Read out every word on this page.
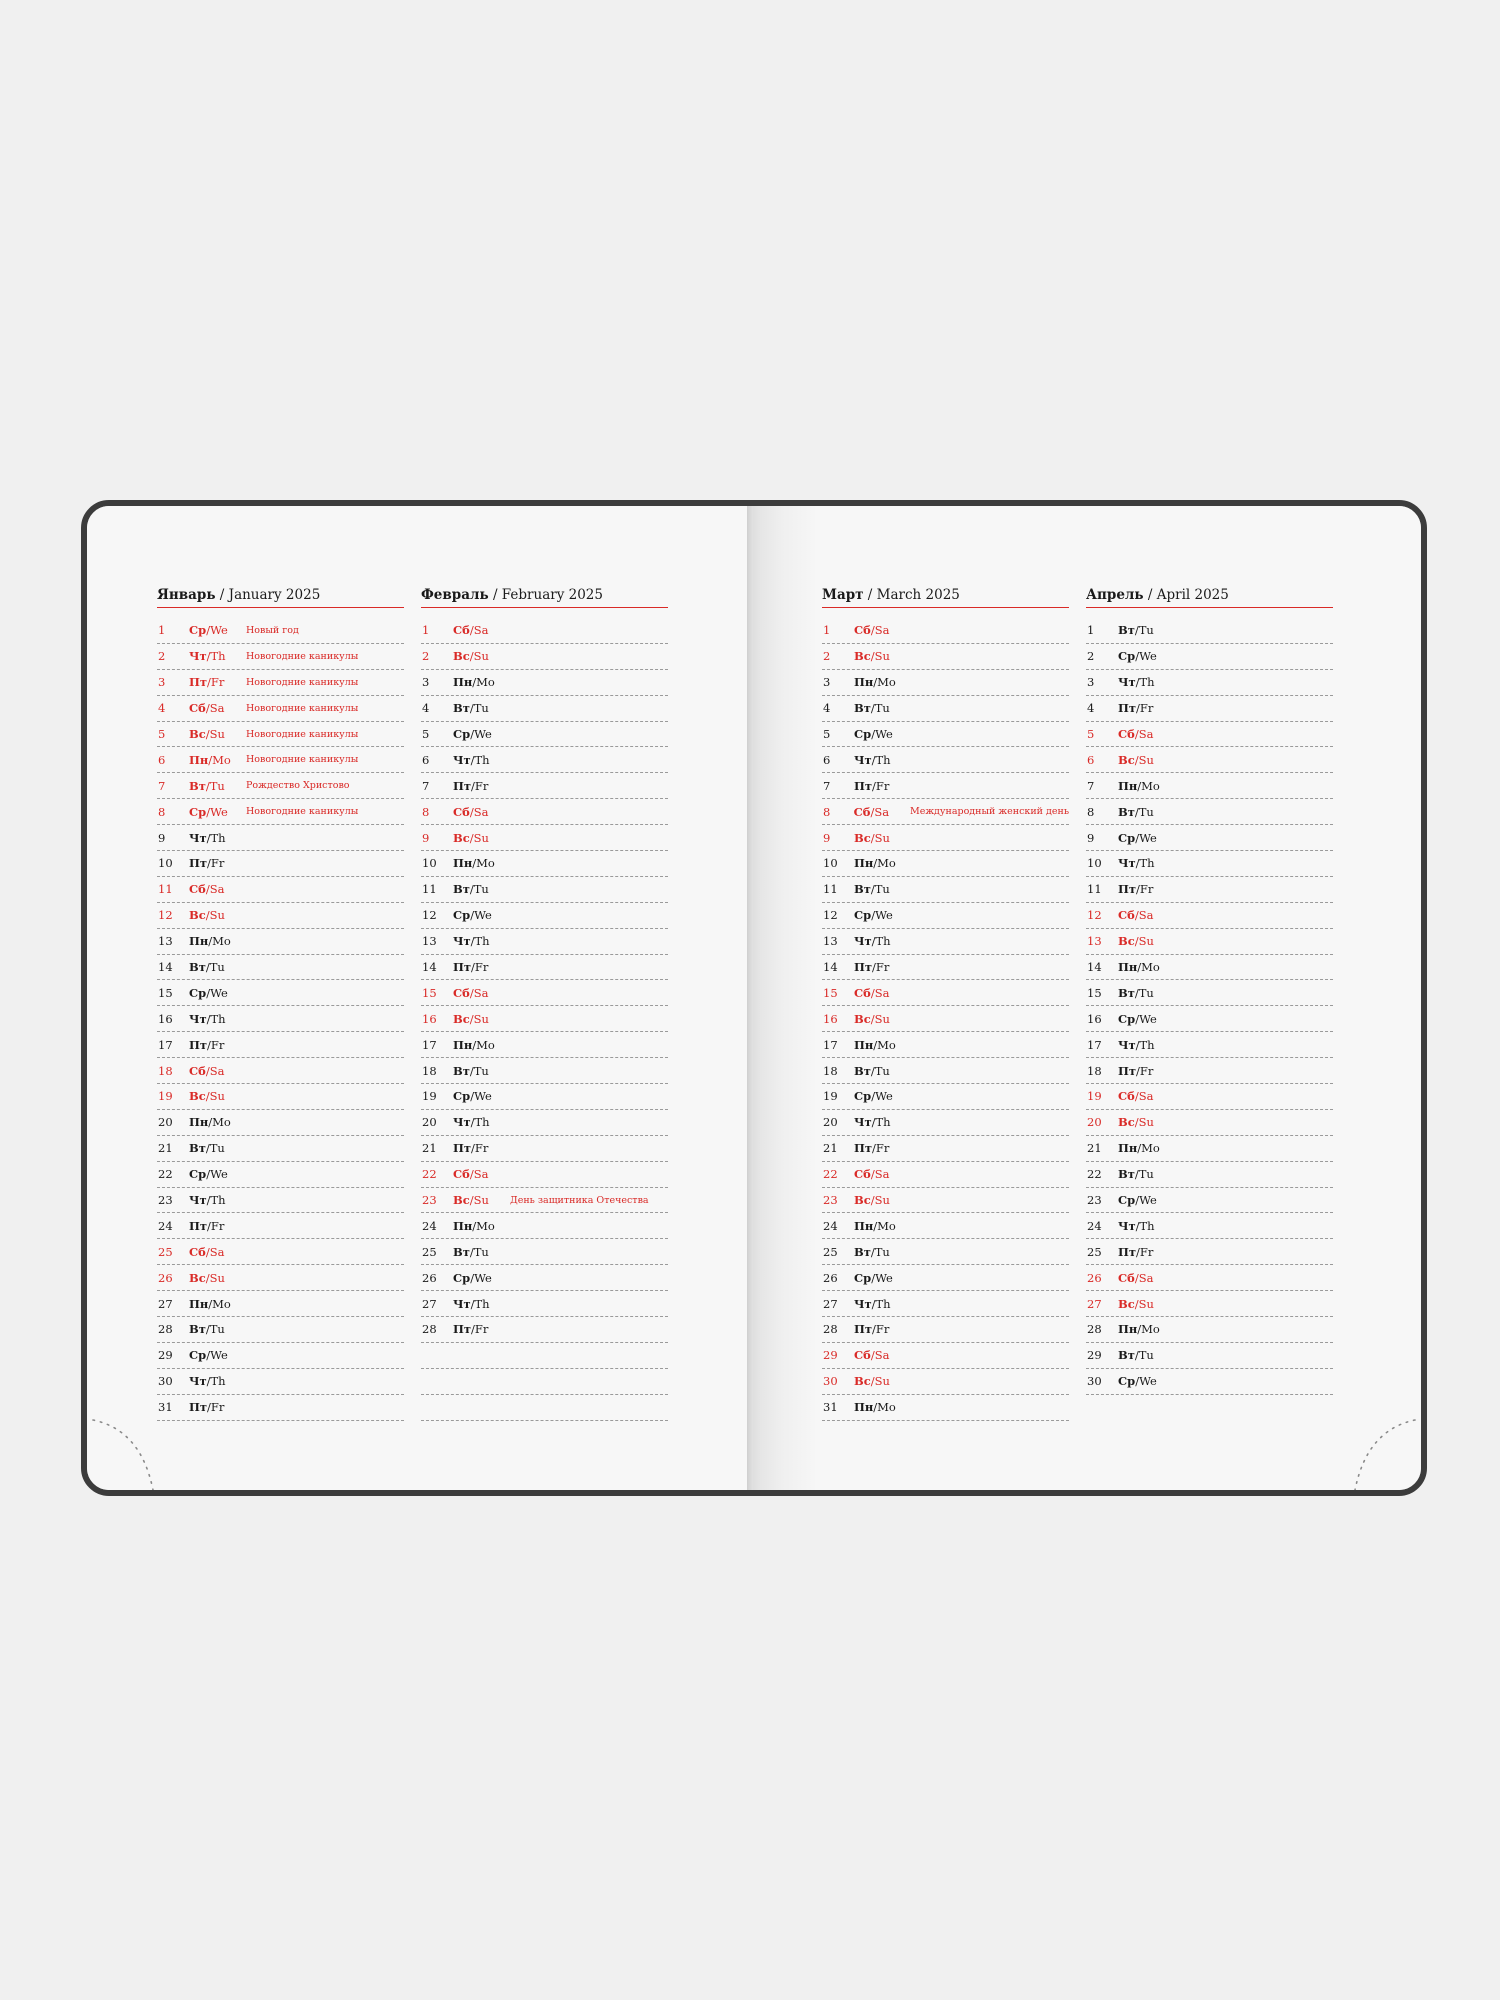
Январь / January 2025
1	Ср/We	Новый год
2	Чт/Th	Новогодние каникулы
3	Пт/Fr	Новогодние каникулы
4	Сб/Sa	Новогодние каникулы
5	Вс/Su	Новогодние каникулы
6	Пн/Mo	Новогодние каникулы
7	Вт/Tu	Рождество Христово
8	Ср/We	Новогодние каникулы
9	Чт/Th
10	Пт/Fr
11	Сб/Sa
12	Вс/Su
13	Пн/Mo
14	Вт/Tu
15	Ср/We
16	Чт/Th
17	Пт/Fr
18	Сб/Sa
19	Вс/Su
20	Пн/Mo
21	Вт/Tu
22	Ср/We
23	Чт/Th
24	Пт/Fr
25	Сб/Sa
26	Вс/Su
27	Пн/Mo
28	Вт/Tu
29	Ср/We
30	Чт/Th
31	Пт/Fr
Февраль / February 2025
1	Сб/Sa
2	Вс/Su
3	Пн/Mo
4	Вт/Tu
5	Ср/We
6	Чт/Th
7	Пт/Fr
8	Сб/Sa
9	Вс/Su
10	Пн/Mo
11	Вт/Tu
12	Ср/We
13	Чт/Th
14	Пт/Fr
15	Сб/Sa
16	Вс/Su
17	Пн/Mo
18	Вт/Tu
19	Ср/We
20	Чт/Th
21	Пт/Fr
22	Сб/Sa
23	Вс/Su	День защитника Отечества
24	Пн/Mo
25	Вт/Tu
26	Ср/We
27	Чт/Th
28	Пт/Fr
Март / March 2025
1	Сб/Sa
2	Вс/Su
3	Пн/Mo
4	Вт/Tu
5	Ср/We
6	Чт/Th
7	Пт/Fr
8	Сб/Sa	Международный женский день
9	Вс/Su
10	Пн/Mo
11	Вт/Tu
12	Ср/We
13	Чт/Th
14	Пт/Fr
15	Сб/Sa
16	Вс/Su
17	Пн/Mo
18	Вт/Tu
19	Ср/We
20	Чт/Th
21	Пт/Fr
22	Сб/Sa
23	Вс/Su
24	Пн/Mo
25	Вт/Tu
26	Ср/We
27	Чт/Th
28	Пт/Fr
29	Сб/Sa
30	Вс/Su
31	Пн/Mo
Апрель / April 2025
1	Вт/Tu
2	Ср/We
3	Чт/Th
4	Пт/Fr
5	Сб/Sa
6	Вс/Su
7	Пн/Mo
8	Вт/Tu
9	Ср/We
10	Чт/Th
11	Пт/Fr
12	Сб/Sa
13	Вс/Su
14	Пн/Mo
15	Вт/Tu
16	Ср/We
17	Чт/Th
18	Пт/Fr
19	Сб/Sa
20	Вс/Su
21	Пн/Mo
22	Вт/Tu
23	Ср/We
24	Чт/Th
25	Пт/Fr
26	Сб/Sa
27	Вс/Su
28	Пн/Mo
29	Вт/Tu
30	Ср/We
